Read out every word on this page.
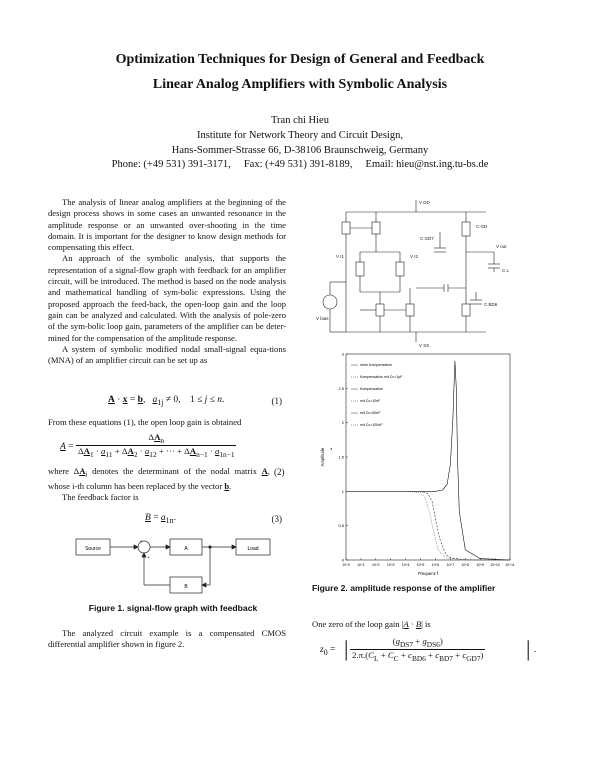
Optimization Techniques for Design of General and Feedback
Linear Analog Amplifiers with Symbolic Analysis
Tran chi Hieu
Institute for Network Theory and Circuit Design,
Hans-Sommer-Strasse 66, D-38106 Braunschweig, Germany
Phone: (+49 531) 391-3171, Fax: (+49 531) 391-8189, Email: hieu@nst.ing.tu-bs.de

The analysis of linear analog amplifiers at the beginning of the design process shows in some cases an unwanted resonance in the amplitude response or an unwanted over-shooting in the time domain. It is important for the designer to know design methods for compensating this effect.

An approach of the symbolic analysis, that supports the representation of a signal-flow graph with feedback for an amplifier circuit, will be introduced. The method is based on the node analysis and mathematical handling of sym-bolic expressions. Using the proposed approach the feed-back, the open-loop gain and the loop gain can be analyzed and calculated. With the analysis of pole-zero of the sym-bolic loop gain, parameters of the amplifier can be deter-mined for the compensation of the amplitude response.

A system of symbolic modified nodal small-signal equa-tions (MNA) of an amplifier circuit can be set up as

A · x = b,   $a_{1j} \ne 0$,    1 ≤ j ≤ n.	(1)

From these equations (1), the open loop gain is obtained

A =
$\Delta A_n$
$\Delta A_1 \cdot a_{11} + \Delta A_2 \cdot a_{12}$ + ··· + $\Delta A_{n-1} \cdot a_{1n-1}$
,
(2)

where $\Delta A_i$ denotes the determinant of the nodal matrix A, whose i-th column has been replaced by the vector b.

The feedback factor is

$B = a_{1n}$.	(3)
Source	A	Load
B
+
+
Figure 1. signal-flow graph with feedback

The analyzed circuit example is a compensated CMOS differential amplifier shown in figure 2.

V DD
V SS
V bias
V out
V I1	V I2
C GD7
C L
C BD6
C GD
0
0.5
1
1.5
2
2.5
3
10^0 10^1 10^2 10^3 10^4 10^5 10^6 10^7 10^8 10^9 10^10 10^11
ohne Kompensation
Kompensation mit Cc=1pF
Kompensation
mit Cc=10nF
mit Cc=50nF
mit Cc=100nF
Frequenz f
Amplitude
Figure 2. amplitude response of the amplifier

One zero of the loop gain |A · B| is

$z_0$ = |	$(g_{DS7} + g_{DS6})$
$2.\pi.(C_L + C_C + c_{BD6} + c_{BD7} + c_{GD7})$ | .
